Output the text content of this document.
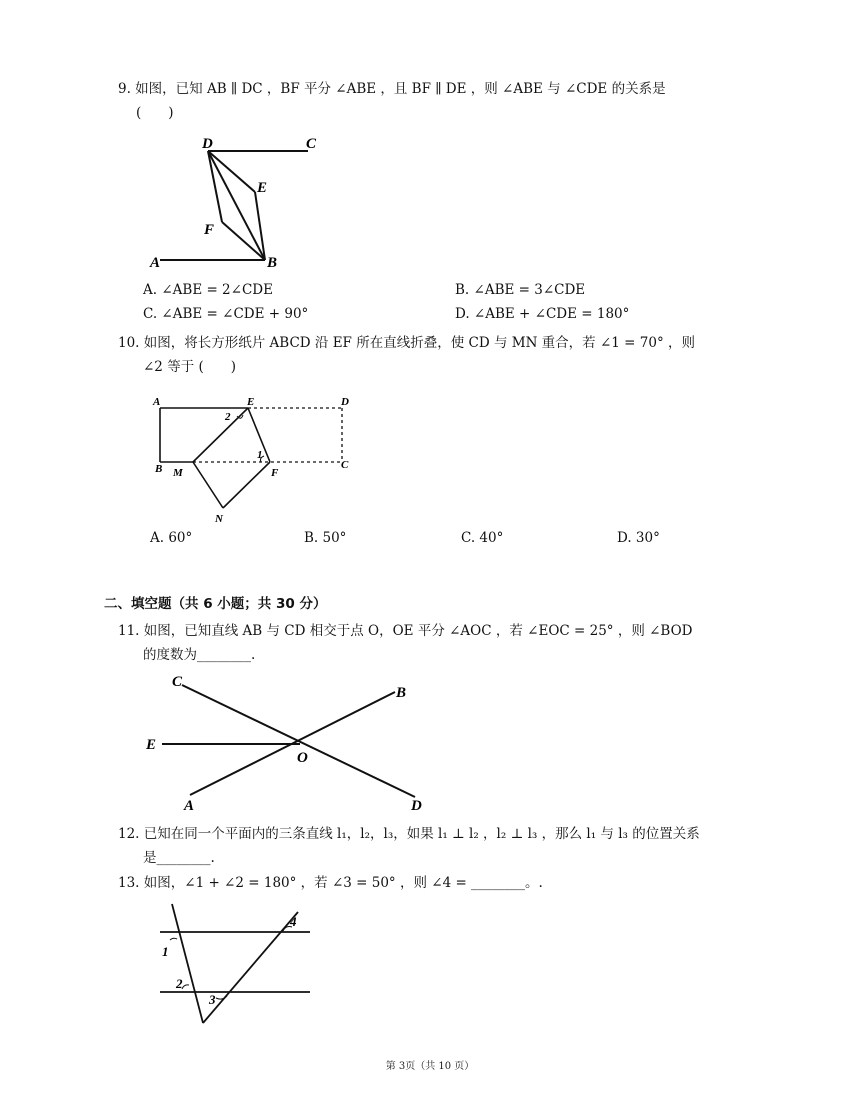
9. 如图，已知 AB ∥ DC ，BF 平分 ∠ABE ，且 BF ∥ DE ，则 ∠ABE 与 ∠CDE 的关系是
(　　)
D	C
E
F
A	B
A. ∠ABE = 2∠CDE	B. ∠ABE = 3∠CDE
C. ∠ABE = ∠CDE + 90°	D. ∠ABE + ∠CDE = 180°
10. 如图，将长方形纸片 ABCD 沿 EF 所在直线折叠，使 CD 与 MN 重合，若 ∠1 = 70° ，则
∠2 等于 (　　)
A	E	D
2
1
B M	F
C
N
A. 60°	B. 50°	C. 40°	D. 30°
二、填空题（共 6 小题；共 30 分）
11. 如图，已知直线 AB 与 CD 相交于点 O，OE 平分 ∠AOC ，若 ∠EOC = 25° ，则 ∠BOD
的度数为________.
C
B
E
O
A	D
12. 已知在同一个平面内的三条直线 l₁，l₂，l₃，如果 l₁ ⊥ l₂ ，l₂ ⊥ l₃ ，那么 l₁ 与 l₃ 的位置关系
是________.
13. 如图，∠1 + ∠2 = 180° ，若 ∠3 = 50° ，则 ∠4 = ________。.
1
2
3
4
第 3页（共 10 页）
